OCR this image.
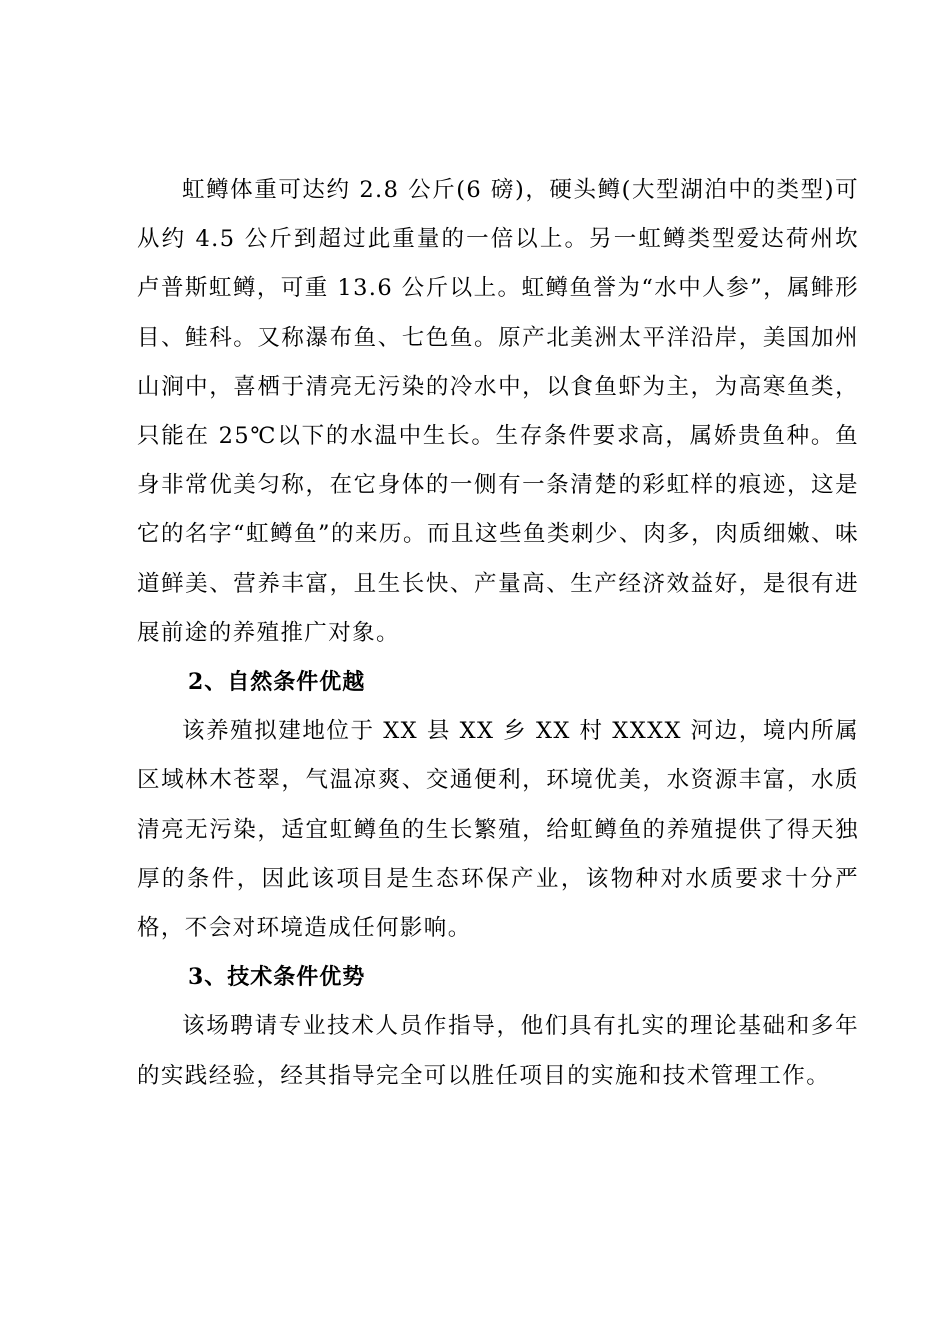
虹鳟体重可达约 2.8 公斤(6 磅)，硬头鳟(大型湖泊中的类型)可从约 4.5 公斤到超过此重量的一倍以上。另一虹鳟类型爱达荷州坎卢普斯虹鳟，可重 13.6 公斤以上。虹鳟鱼誉为“水中人参”，属鲱形目、鲑科。又称瀑布鱼、七色鱼。原产北美洲太平洋沿岸，美国加州山涧中，喜栖于清亮无污染的冷水中，以食鱼虾为主，为高寒鱼类，只能在 25℃以下的水温中生长。生存条件要求高，属娇贵鱼种。鱼身非常优美匀称，在它身体的一侧有一条清楚的彩虹样的痕迹，这是它的名字“虹鳟鱼”的来历。而且这些鱼类刺少、肉多，肉质细嫩、味道鲜美、营养丰富，且生长快、产量高、生产经济效益好，是很有进展前途的养殖推广对象。

2、自然条件优越

该养殖拟建地位于 XX 县 XX 乡 XX 村 XXXX 河边，境内所属区域林木苍翠，气温凉爽、交通便利，环境优美，水资源丰富，水质清亮无污染，适宜虹鳟鱼的生长繁殖，给虹鳟鱼的养殖提供了得天独厚的条件，因此该项目是生态环保产业，该物种对水质要求十分严格，不会对环境造成任何影响。

3、技术条件优势

该场聘请专业技术人员作指导，他们具有扎实的理论基础和多年的实践经验，经其指导完全可以胜任项目的实施和技术管理工作。
